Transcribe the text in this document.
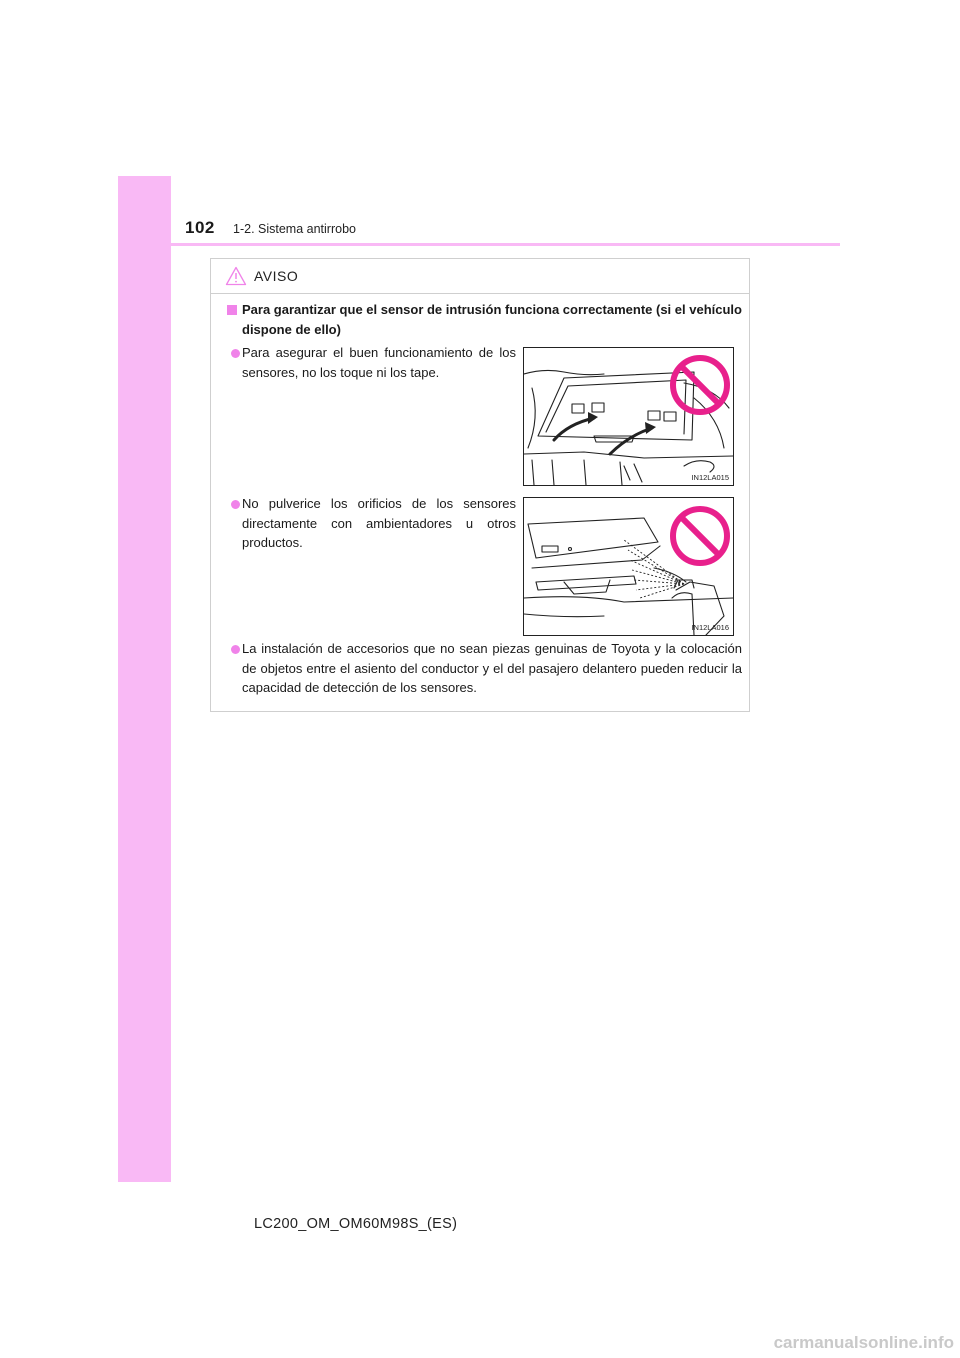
102 1-2. Sistema antirrobo
AVISO
Para garantizar que el sensor de intrusión funciona correctamente (si el vehículo dispone de ello)
Para asegurar el buen funcionamiento de los sensores, no los toque ni los tape.
IN12LA015
No pulverice los orificios de los sensores directamente con ambientadores u otros productos.
IN12LA016
La instalación de accesorios que no sean piezas genuinas de Toyota y la colocación de objetos entre el asiento del conductor y el del pasajero delantero pueden reducir la capacidad de detección de los sensores.
LC200_OM_OM60M98S_(ES)
carmanualsonline.info
